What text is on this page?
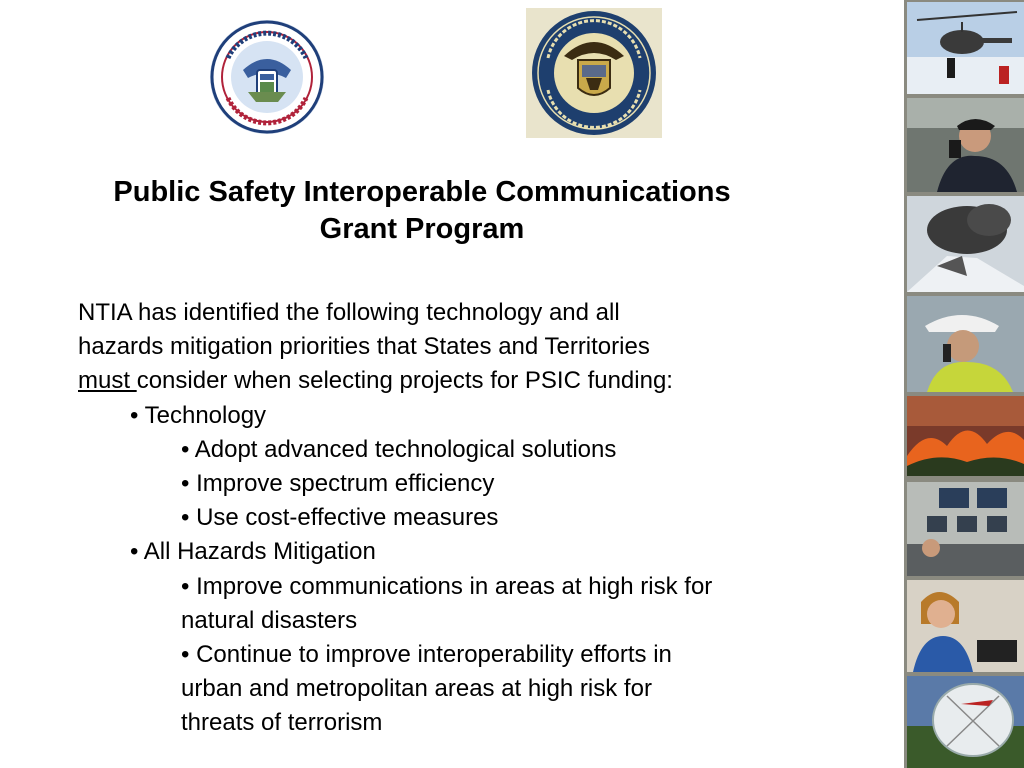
Public Safety Interoperable Communications
Grant Program
NTIA has identified the following technology and all
hazards mitigation priorities that States and Territories
must consider when selecting projects for PSIC funding:
• Technology
• Adopt advanced technological solutions
• Improve spectrum efficiency
• Use cost-effective measures
• All Hazards Mitigation
• Improve communications in areas at high risk for
natural disasters
• Continue to improve interoperability efforts in
urban and metropolitan areas at high risk for
threats of terrorism
